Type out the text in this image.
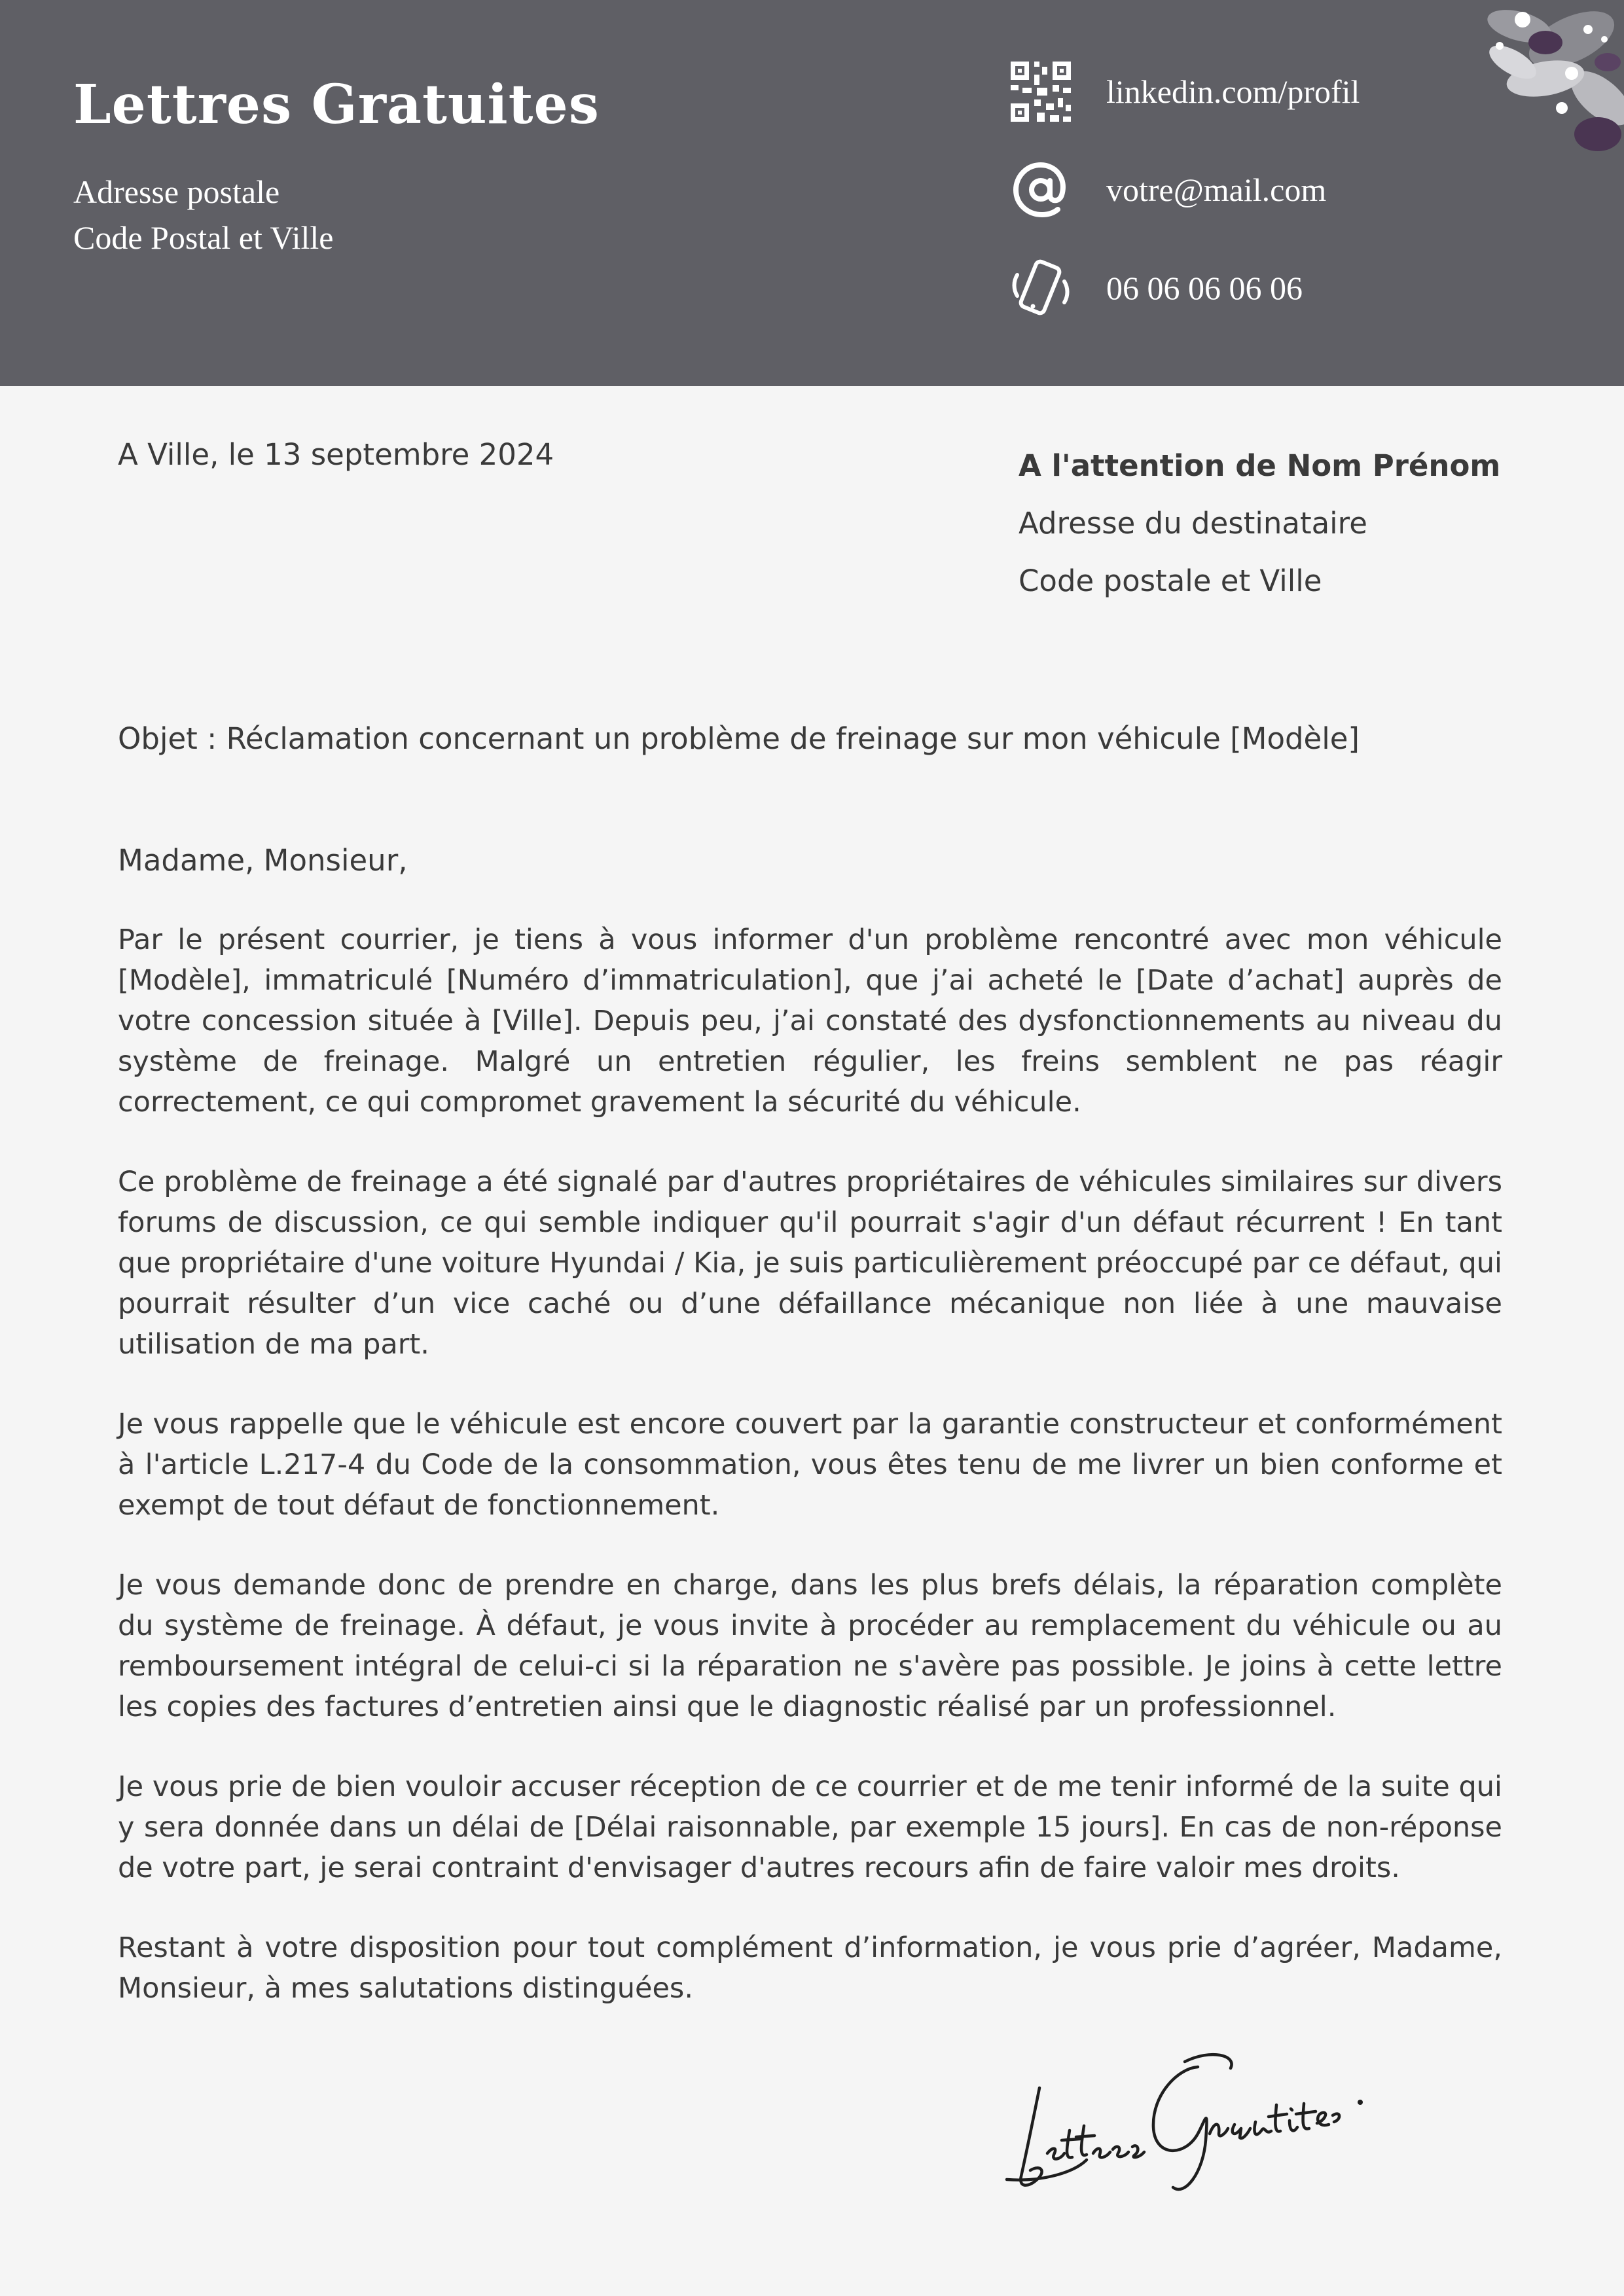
Lettres Gratuites
Adresse postale
Code Postal et Ville
linkedin.com/profil
votre@mail.com
06 06 06 06 06
A Ville, le 13 septembre 2024	A l'attention de Nom Prénom
Adresse du destinataire
Code postale et Ville
Objet : Réclamation concernant un problème de freinage sur mon véhicule [Modèle]
Madame, Monsieur,

Par le présent courrier, je tiens à vous informer d'un problème rencontré avec mon véhicule [Modèle], immatriculé [Numéro d’immatriculation], que j’ai acheté le [Date d’achat] auprès de votre concession située à [Ville]. Depuis peu, j’ai constaté des dysfonctionnements au niveau du système de freinage. Malgré un entretien régulier, les freins semblent ne pas réagir correctement, ce qui compromet gravement la sécurité du véhicule.

Ce problème de freinage a été signalé par d'autres propriétaires de véhicules similaires sur divers forums de discussion, ce qui semble indiquer qu'il pourrait s'agir d'un défaut récurrent ! En tant que propriétaire d'une voiture Hyundai / Kia, je suis particulièrement préoccupé par ce défaut, qui pourrait résulter d’un vice caché ou d’une défaillance mécanique non liée à une mauvaise utilisation de ma part.

Je vous rappelle que le véhicule est encore couvert par la garantie constructeur et conformément à l'article L.217-4 du Code de la consommation, vous êtes tenu de me livrer un bien conforme et exempt de tout défaut de fonctionnement.

Je vous demande donc de prendre en charge, dans les plus brefs délais, la réparation complète du système de freinage. À défaut, je vous invite à procéder au remplacement du véhicule ou au remboursement intégral de celui-ci si la réparation ne s'avère pas possible. Je joins à cette lettre les copies des factures d’entretien ainsi que le diagnostic réalisé par un professionnel.

Je vous prie de bien vouloir accuser réception de ce courrier et de me tenir informé de la suite qui y sera donnée dans un délai de [Délai raisonnable, par exemple 15 jours]. En cas de non-réponse de votre part, je serai contraint d'envisager d'autres recours afin de faire valoir mes droits.

Restant à votre disposition pour tout complément d’information, je vous prie d’agréer, Madame, Monsieur, à mes salutations distinguées.
